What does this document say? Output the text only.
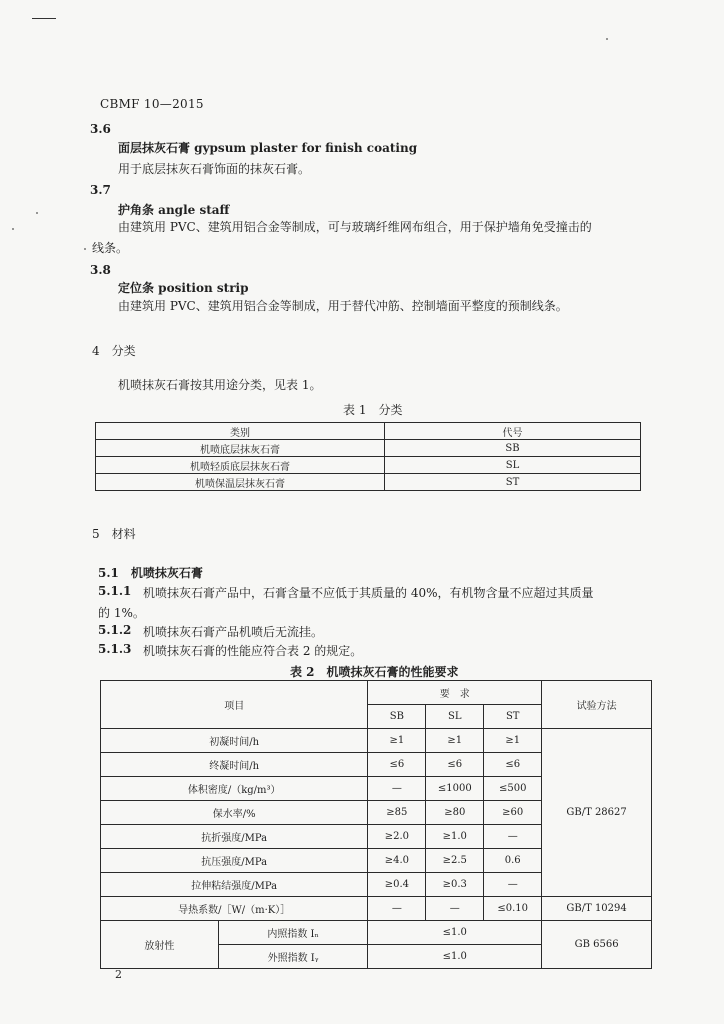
CBMF 10—2015
3.6
面层抹灰石膏 gypsum plaster for finish coating
用于底层抹灰石膏饰面的抹灰石膏。
3.7
护角条 angle staff
由建筑用 PVC、建筑用铝合金等制成，可与玻璃纤维网布组合，用于保护墙角免受撞击的
线条。
3.8
定位条 position strip
由建筑用 PVC、建筑用铝合金等制成，用于替代冲筋、控制墙面平整度的预制线条。
4　分类
机喷抹灰石膏按其用途分类，见表 1。
表 1　分类
类别	代号
机喷底层抹灰石膏	SB
机喷轻质底层抹灰石膏	SL
机喷保温层抹灰石膏	ST
5　材料
5.1　机喷抹灰石膏
5.1.1 机喷抹灰石膏产品中，石膏含量不应低于其质量的 40%，有机物含量不应超过其质量
的 1%。
5.1.2 机喷抹灰石膏产品机喷后无流挂。
5.1.3 机喷抹灰石膏的性能应符合表 2 的规定。
表 2　机喷抹灰石膏的性能要求
项目		要　求			试验方法
		SB	SL	ST	
初凝时间/h		≥1	≥1	≥1	GB/T 28627
终凝时间/h		≤6	≤6	≤6	
体积密度/（kg/m³）		—	≤1000	≤500	
保水率/%		≥85	≥80	≥60	
抗折强度/MPa		≥2.0	≥1.0	—	
抗压强度/MPa		≥4.0	≥2.5	0.6	
拉伸粘结强度/MPa		≥0.4	≥0.3	—	
导热系数/［W/（m·K）］		—	—	≤0.10	GB/T 10294
放射性	内照指数 Iₙ	≤1.0			GB 6566
	外照指数 Iᵧ	≤1.0			
2
